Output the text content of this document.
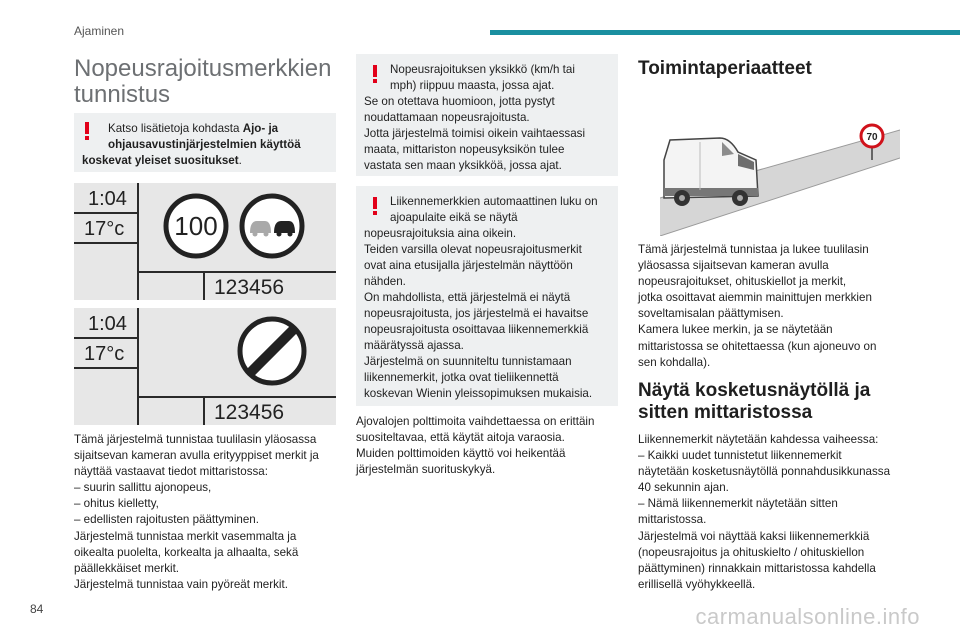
Ajaminen
Nopeusrajoitusmerkkien
tunnistus
Katso lisätietoja kohdasta Ajo- ja
ohjausavustinjärjestelmien käyttöä
koskevat yleiset suositukset.
1:04
17°c 100
123456
1:04
17°c
123456

Tämä järjestelmä tunnistaa tuulilasin yläosassa

sijaitsevan kameran avulla erityyppiset merkit ja

näyttää vastaavat tiedot mittaristossa:

– suurin sallittu ajonopeus,

– ohitus kielletty,

– edellisten rajoitusten päättyminen.

Järjestelmä tunnistaa merkit vasemmalta ja

oikealta puolelta, korkealta ja alhaalta, sekä

päällekkäiset merkit.

Järjestelmä tunnistaa vain pyöreät merkit.

Nopeusrajoituksen yksikkö (km/h tai
mph) riippuu maasta, jossa ajat.

Se on otettava huomioon, jotta pystyt

noudattamaan nopeusrajoitusta.

Jotta järjestelmä toimisi oikein vaihtaessasi

maata, mittariston nopeusyksikön tulee

vastata sen maan yksikköä, jossa ajat.

Liikennemerkkien automaattinen luku on
ajoapulaite eikä se näytä

nopeusrajoituksia aina oikein.

Teiden varsilla olevat nopeusrajoitusmerkit

ovat aina etusijalla järjestelmän näyttöön

nähden.

On mahdollista, että järjestelmä ei näytä

nopeusrajoitusta, jos järjestelmä ei havaitse

nopeusrajoitusta osoittavaa liikennemerkkiä

määrätyssä ajassa.

Järjestelmä on suunniteltu tunnistamaan

liikennemerkit, jotka ovat tieliikennettä

koskevan Wienin yleissopimuksen mukaisia.

Ajovalojen polttimoita vaihdettaessa on erittäin

suositeltavaa, että käytät aitoja varaosia.

Muiden polttimoiden käyttö voi heikentää

järjestelmän suorituskykyä.

Toimintaperiaatteet
70

Tämä järjestelmä tunnistaa ja lukee tuulilasin

yläosassa sijaitsevan kameran avulla

nopeusrajoitukset, ohituskiellot ja merkit,

jotka osoittavat aiemmin mainittujen merkkien

soveltamisalan päättymisen.

Kamera lukee merkin, ja se näytetään

mittaristossa se ohitettaessa (kun ajoneuvo on

sen kohdalla).

Näytä kosketusnäytöllä ja
sitten mittaristossa

Liikennemerkit näytetään kahdessa vaiheessa:

– Kaikki uudet tunnistetut liikennemerkit

näytetään kosketusnäytöllä ponnahdusikkunassa

40 sekunnin ajan.

– Nämä liikennemerkit näytetään sitten

mittaristossa.

Järjestelmä voi näyttää kaksi liikennemerkkiä

(nopeusrajoitus ja ohituskielto / ohituskiellon

päättyminen) rinnakkain mittaristossa kahdella

erillisellä vyöhykkeellä.

84	carmanualsonline.info
